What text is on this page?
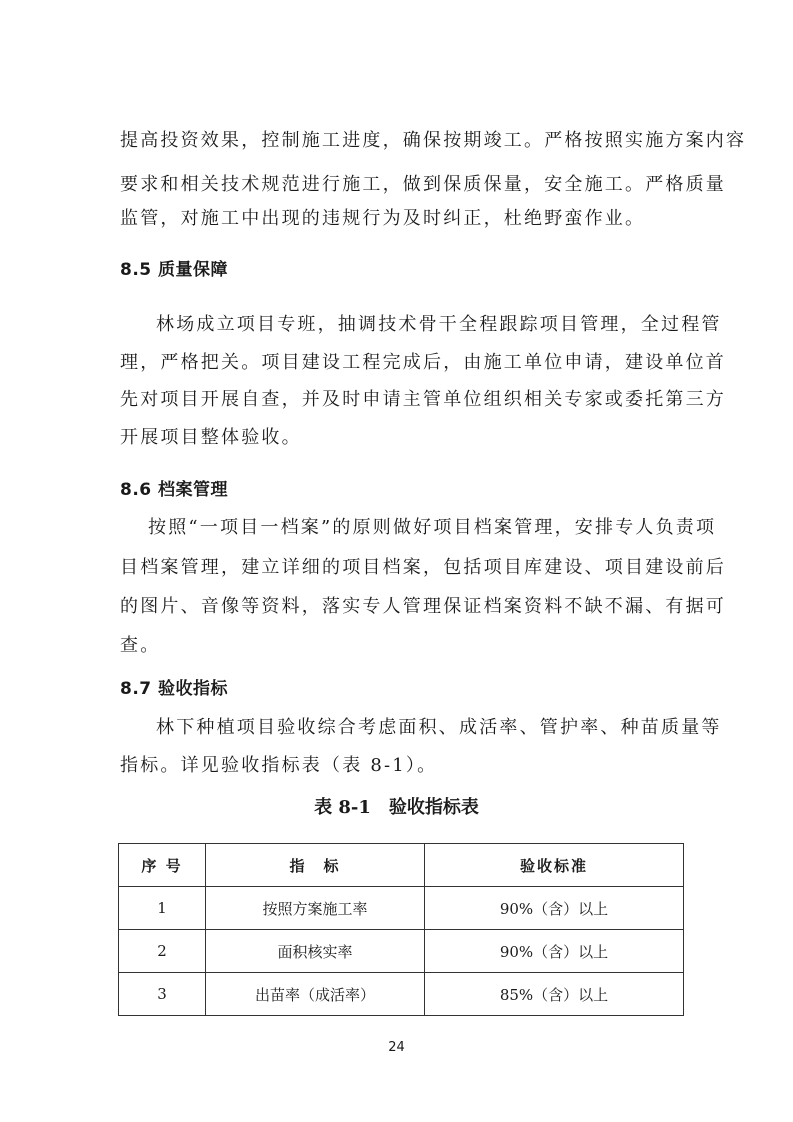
提高投资效果，控制施工进度，确保按期竣工。严格按照实施方案内容
要求和相关技术规范进行施工，做到保质保量，安全施工。严格质量
监管，对施工中出现的违规行为及时纠正，杜绝野蛮作业。
8.5 质量保障
林场成立项目专班，抽调技术骨干全程跟踪项目管理，全过程管
理，严格把关。项目建设工程完成后，由施工单位申请，建设单位首
先对项目开展自查，并及时申请主管单位组织相关专家或委托第三方
开展项目整体验收。
8.6 档案管理
按照“一项目一档案”的原则做好项目档案管理，安排专人负责项
目档案管理，建立详细的项目档案，包括项目库建设、项目建设前后
的图片、音像等资料，落实专人管理保证档案资料不缺不漏、有据可
查。
8.7 验收指标
林下种植项目验收综合考虑面积、成活率、管护率、种苗质量等
指标。详见验收指标表（表 8-1）。
表 8-1 验收指标表
序 号	指　标	验收标准
1	按照方案施工率	90%（含）以上
2	面积核实率	90%（含）以上
3	出苗率（成活率）	85%（含）以上
24
